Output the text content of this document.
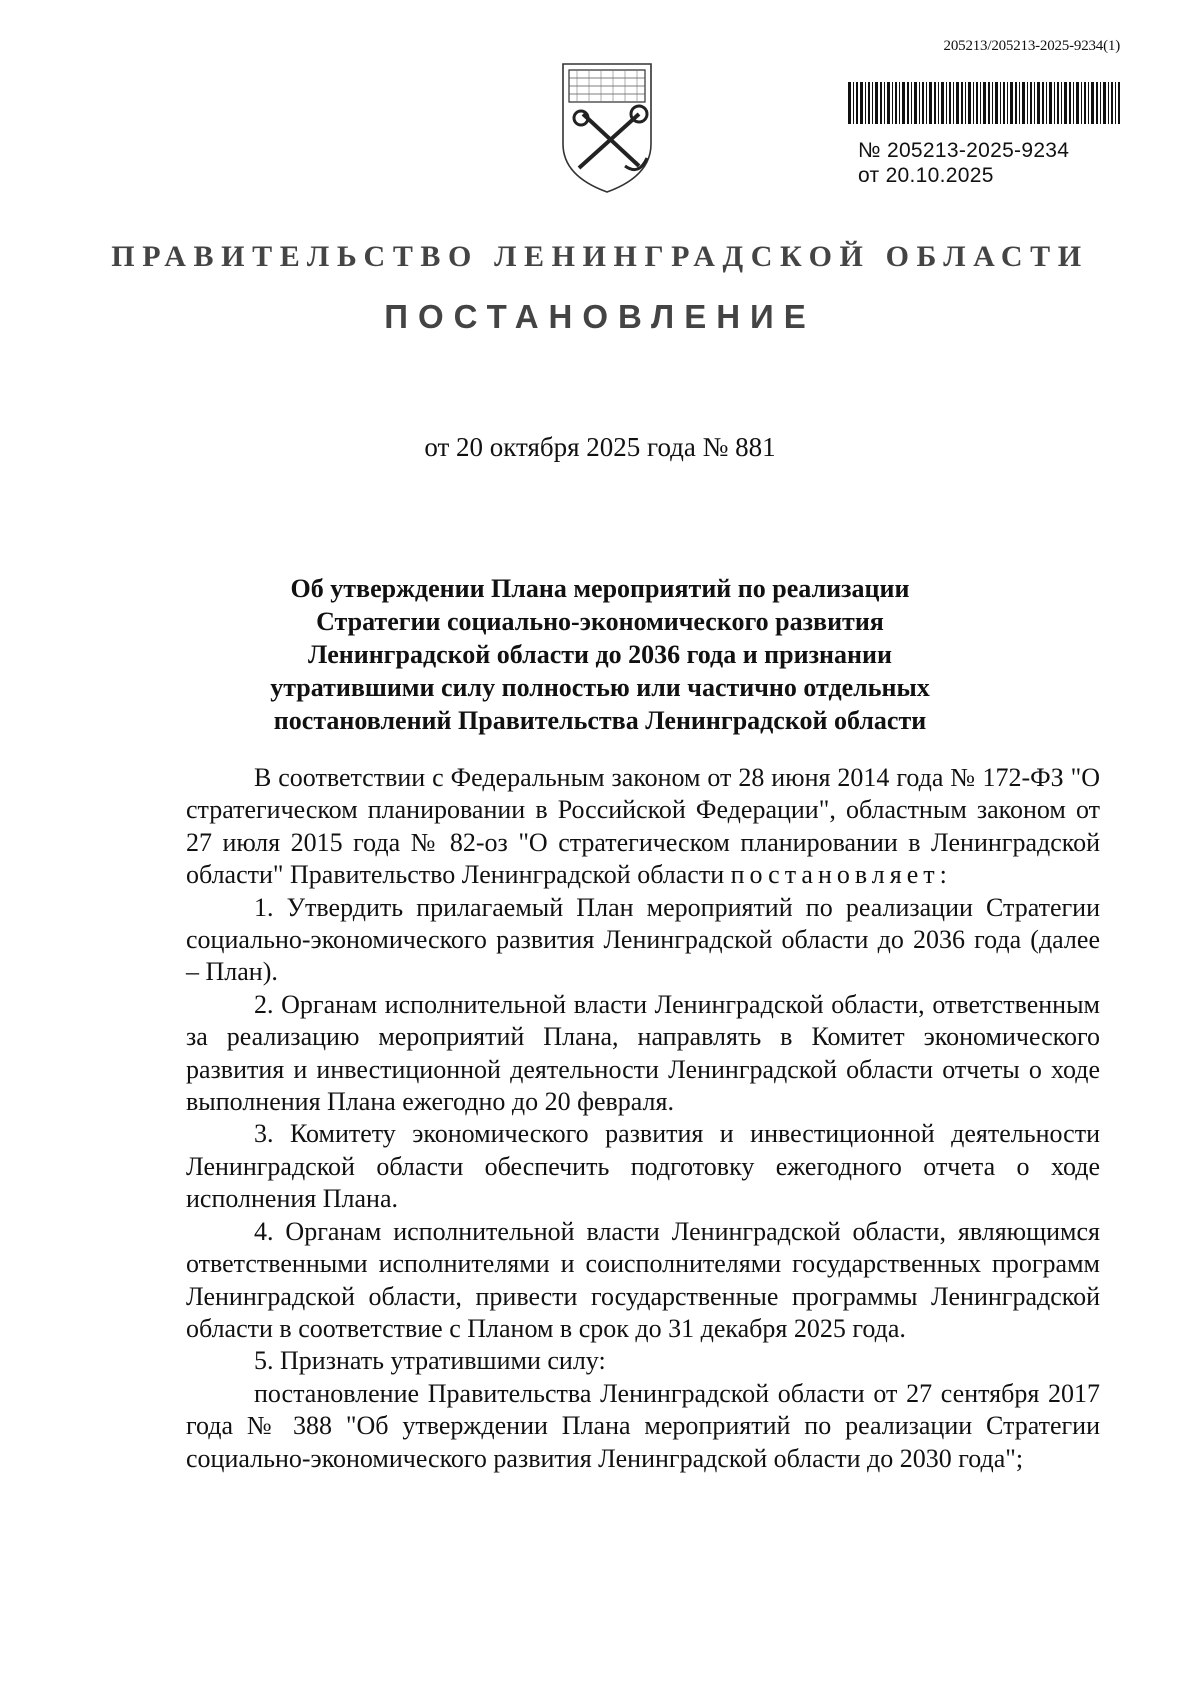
205213/205213-2025-9234(1)
№ 205213-2025-9234
от 20.10.2025
ПРАВИТЕЛЬСТВО ЛЕНИНГРАДСКОЙ ОБЛАСТИ
ПОСТАНОВЛЕНИЕ
от 20 октября 2025 года № 881
Об утверждении Плана мероприятий по реализации
Стратегии социально-экономического развития
Ленинградской области до 2036 года и признании
утратившими силу полностью или частично отдельных
постановлений Правительства Ленинградской области

В соответствии с Федеральным законом от 28 июня 2014 года № 172-ФЗ "О стратегическом планировании в Российской Федерации", областным законом от 27 июля 2015 года № 82-оз "О стратегическом планировании в Ленинградской области" Правительство Ленинградской области постановляет:

1. Утвердить прилагаемый План мероприятий по реализации Стратегии социально-экономического развития Ленинградской области до 2036 года (далее – План).

2. Органам исполнительной власти Ленинградской области, ответственным за реализацию мероприятий Плана, направлять в Комитет экономического развития и инвестиционной деятельности Ленинградской области отчеты о ходе выполнения Плана ежегодно до 20 февраля.

3. Комитету экономического развития и инвестиционной деятельности Ленинградской области обеспечить подготовку ежегодного отчета о ходе исполнения Плана.

4. Органам исполнительной власти Ленинградской области, являющимся ответственными исполнителями и соисполнителями государственных программ Ленинградской области, привести государственные программы Ленинградской области в соответствие с Планом в срок до 31 декабря 2025 года.

5. Признать утратившими силу:

постановление Правительства Ленинградской области от 27 сентября 2017 года № 388 "Об утверждении Плана мероприятий по реализации Стратегии социально-экономического развития Ленинградской области до 2030 года";
